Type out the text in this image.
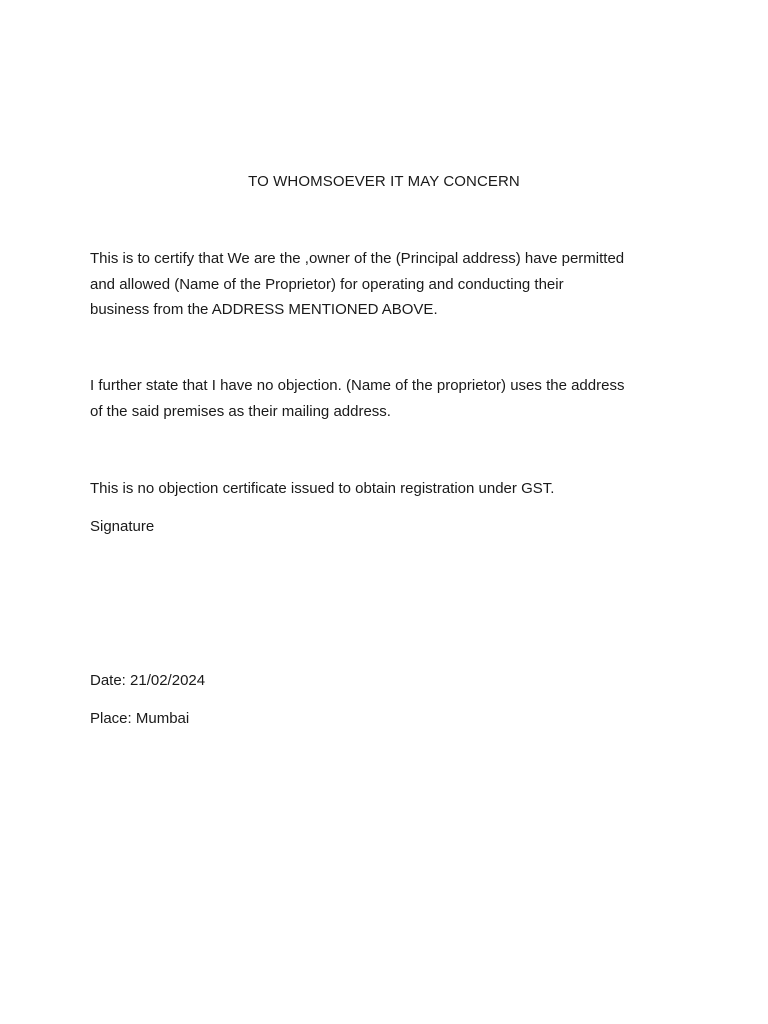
TO WHOMSOEVER IT MAY CONCERN

This is to certify that We are the ,owner of the (Principal address) have permitted
and allowed (Name of the Proprietor) for operating and conducting their
business from the ADDRESS MENTIONED ABOVE.

I further state that I have no objection. (Name of the proprietor) uses the address
of the said premises as their mailing address.

This is no objection certificate issued to obtain registration under GST.

Signature

Date: 21/02/2024

Place: Mumbai
